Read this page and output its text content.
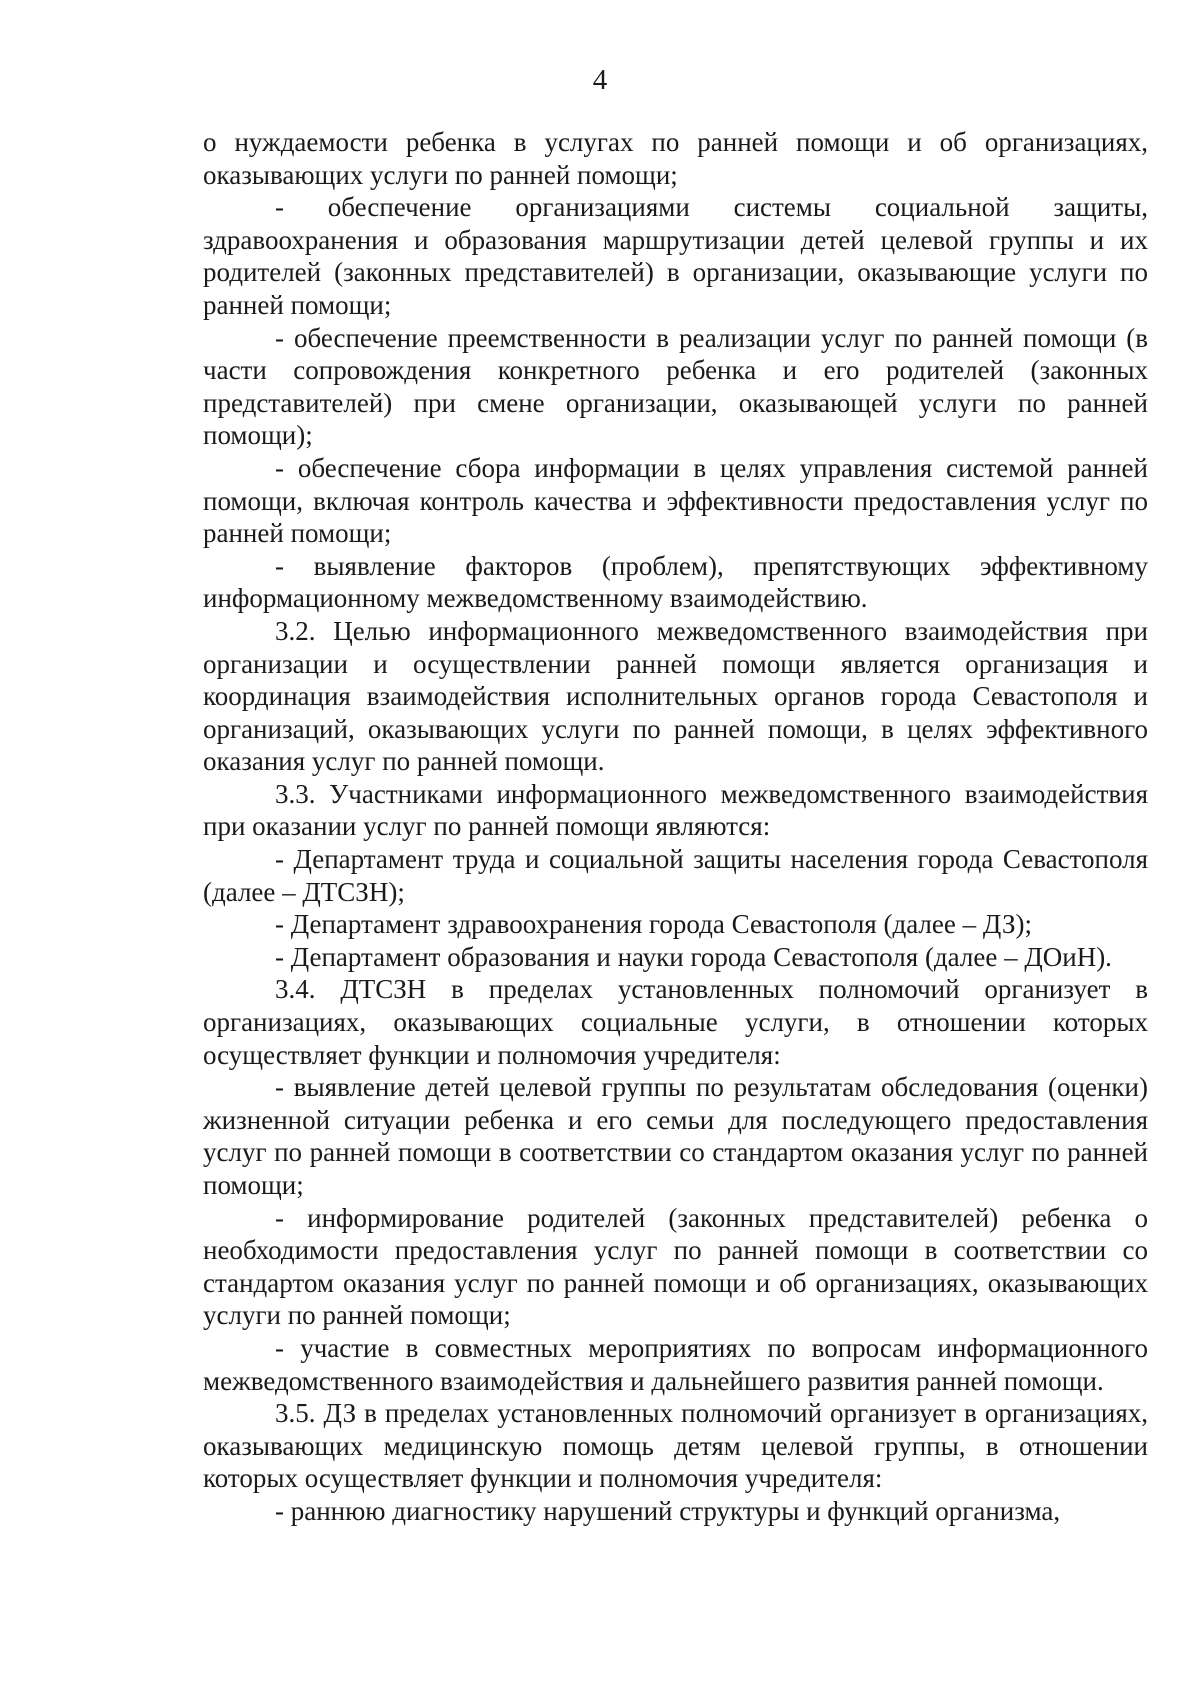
4

о нуждаемости ребенка в услугах по ранней помощи и об организациях, оказывающих услуги по ранней помощи;

- обеспечение организациями системы социальной защиты, здравоохранения и образования маршрутизации детей целевой группы и их родителей (законных представителей) в организации, оказывающие услуги по ранней помощи;

- обеспечение преемственности в реализации услуг по ранней помощи (в части сопровождения конкретного ребенка и его родителей (законных представителей) при смене организации, оказывающей услуги по ранней помощи);

- обеспечение сбора информации в целях управления системой ранней помощи, включая контроль качества и эффективности предоставления услуг по ранней помощи;

- выявление факторов (проблем), препятствующих эффективному информационному межведомственному взаимодействию.

3.2. Целью информационного межведомственного взаимодействия при организации и осуществлении ранней помощи является организация и координация взаимодействия исполнительных органов города Севастополя и организаций, оказывающих услуги по ранней помощи, в целях эффективного оказания услуг по ранней помощи.

3.3. Участниками информационного межведомственного взаимодействия при оказании услуг по ранней помощи являются:

- Департамент труда и социальной защиты населения города Севастополя (далее – ДТСЗН);

- Департамент здравоохранения города Севастополя (далее – ДЗ);

- Департамент образования и науки города Севастополя (далее – ДОиН).

3.4. ДТСЗН в пределах установленных полномочий организует в организациях, оказывающих социальные услуги, в отношении которых осуществляет функции и полномочия учредителя:

- выявление детей целевой группы по результатам обследования (оценки) жизненной ситуации ребенка и его семьи для последующего предоставления услуг по ранней помощи в соответствии со стандартом оказания услуг по ранней помощи;

- информирование родителей (законных представителей) ребенка о необходимости предоставления услуг по ранней помощи в соответствии со стандартом оказания услуг по ранней помощи и об организациях, оказывающих услуги по ранней помощи;

- участие в совместных мероприятиях по вопросам информационного межведомственного взаимодействия и дальнейшего развития ранней помощи.

3.5. ДЗ в пределах установленных полномочий организует в организациях, оказывающих медицинскую помощь детям целевой группы, в отношении которых осуществляет функции и полномочия учредителя:

- раннюю диагностику нарушений структуры и функций организма,
